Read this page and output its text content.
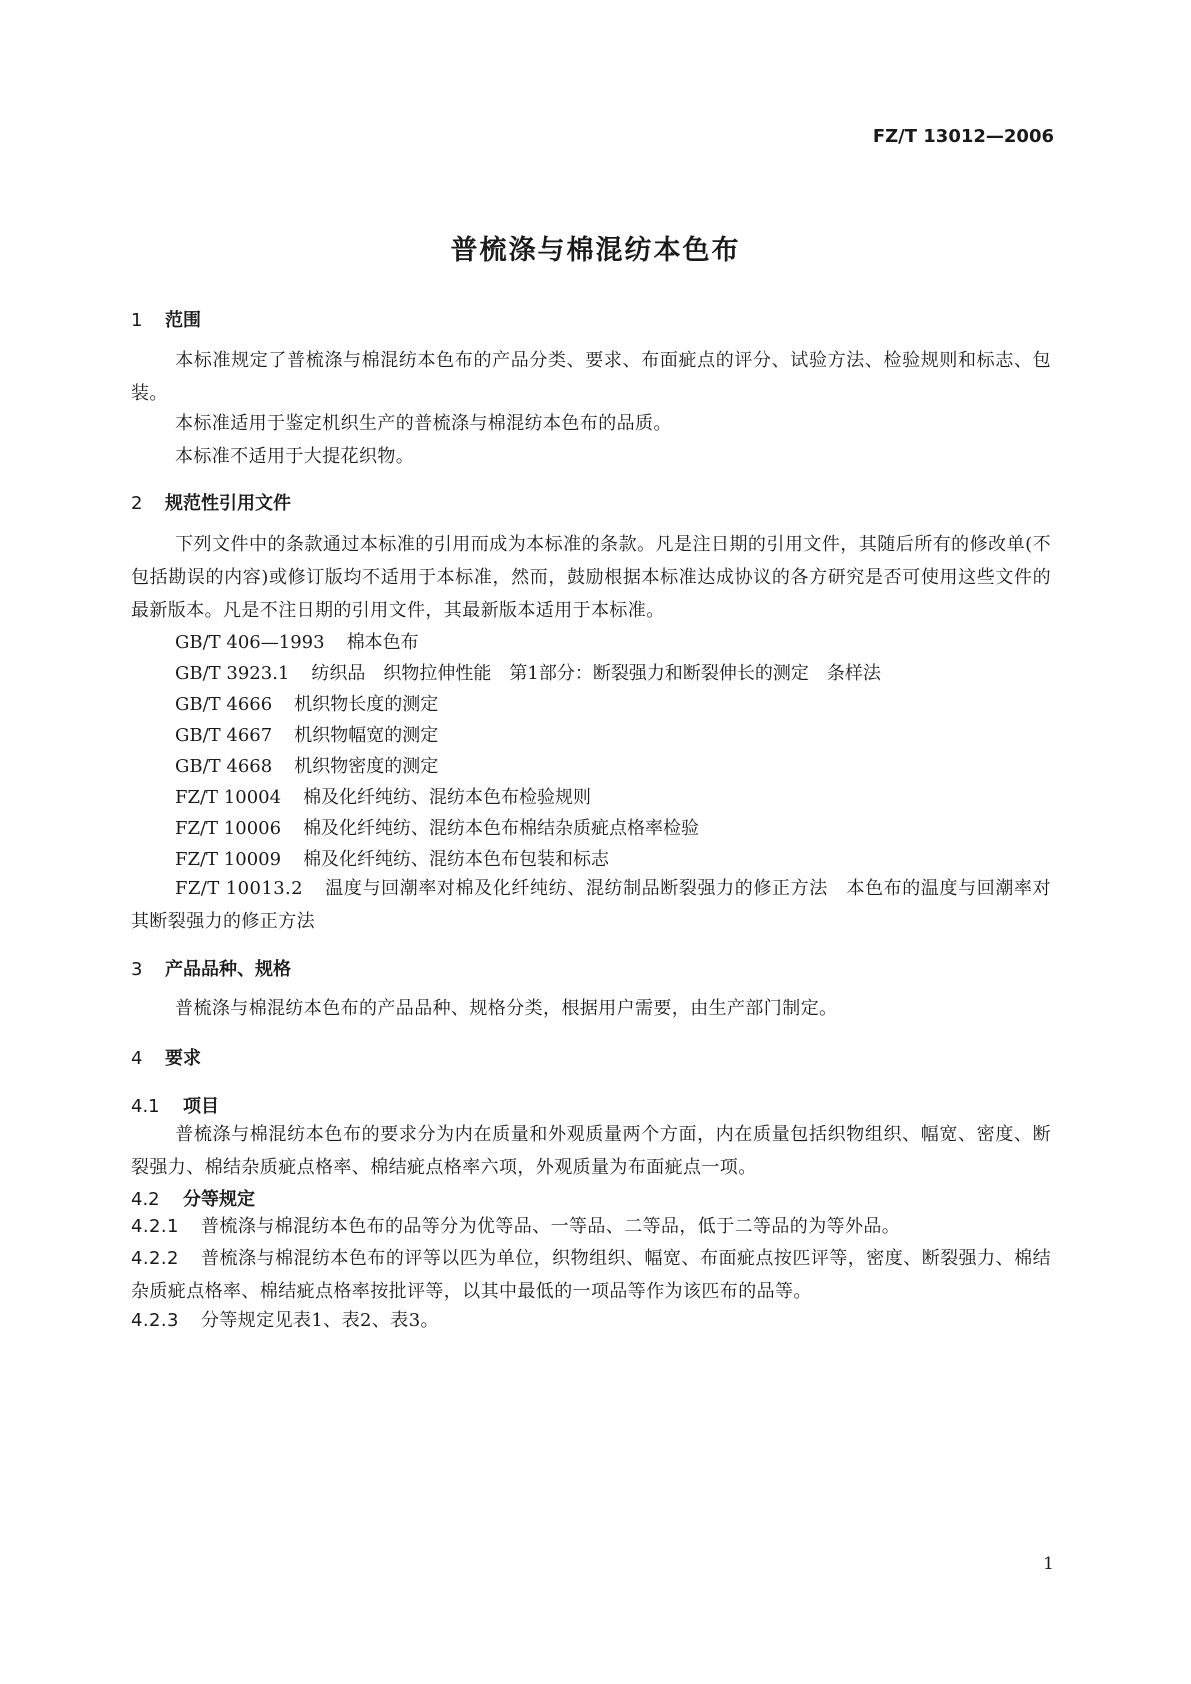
FZ/T 13012—2006
普梳涤与棉混纺本色布
1 范围

本标准规定了普梳涤与棉混纺本色布的产品分类、要求、布面疵点的评分、试验方法、检验规则和标志、包装。

本标准适用于鉴定机织生产的普梳涤与棉混纺本色布的品质。

本标准不适用于大提花织物。

2 规范性引用文件

下列文件中的条款通过本标准的引用而成为本标准的条款。凡是注日期的引用文件，其随后所有的修改单(不包括勘误的内容)或修订版均不适用于本标准，然而，鼓励根据本标准达成协议的各方研究是否可使用这些文件的最新版本。凡是不注日期的引用文件，其最新版本适用于本标准。

GB/T 406—1993 棉本色布
GB/T 3923.1 纺织品　织物拉伸性能　第1部分：断裂强力和断裂伸长的测定　条样法
GB/T 4666 机织物长度的测定
GB/T 4667 机织物幅宽的测定
GB/T 4668 机织物密度的测定
FZ/T 10004 棉及化纤纯纺、混纺本色布检验规则
FZ/T 10006 棉及化纤纯纺、混纺本色布棉结杂质疵点格率检验
FZ/T 10009 棉及化纤纯纺、混纺本色布包装和标志

FZ/T 10013.2 温度与回潮率对棉及化纤纯纺、混纺制品断裂强力的修正方法　本色布的温度与回潮率对其断裂强力的修正方法

3 产品品种、规格

普梳涤与棉混纺本色布的产品品种、规格分类，根据用户需要，由生产部门制定。

4 要求
4.1 项目

普梳涤与棉混纺本色布的要求分为内在质量和外观质量两个方面，内在质量包括织物组织、幅宽、密度、断裂强力、棉结杂质疵点格率、棉结疵点格率六项，外观质量为布面疵点一项。

4.2 分等规定

4.2.1 普梳涤与棉混纺本色布的品等分为优等品、一等品、二等品，低于二等品的为等外品。

4.2.2 普梳涤与棉混纺本色布的评等以匹为单位，织物组织、幅宽、布面疵点按匹评等，密度、断裂强力、棉结杂质疵点格率、棉结疵点格率按批评等，以其中最低的一项品等作为该匹布的品等。

4.2.3 分等规定见表1、表2、表3。

1
